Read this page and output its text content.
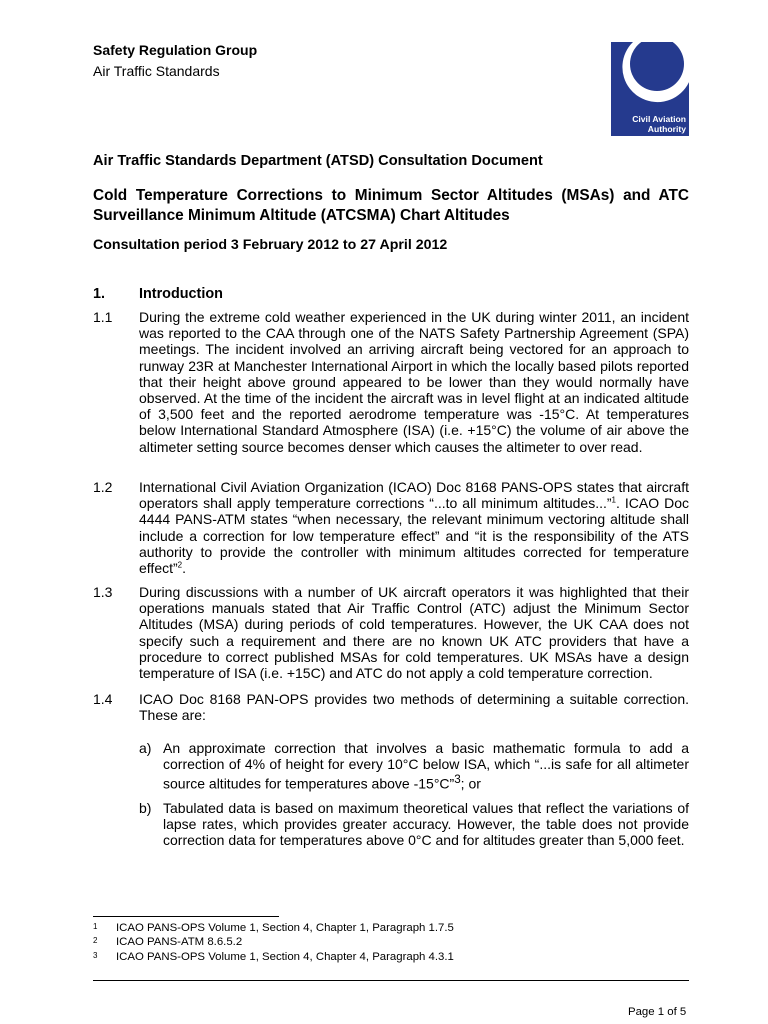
Safety Regulation Group
Air Traffic Standards
Civil Aviation
Authority
Air Traffic Standards Department (ATSD) Consultation Document
Cold Temperature Corrections to Minimum Sector Altitudes (MSAs) and ATC Surveillance Minimum Altitude (ATCSMA) Chart Altitudes
Consultation period 3 February 2012 to 27 April 2012
1. Introduction
1.1 During the extreme cold weather experienced in the UK during winter 2011, an incident was reported to the CAA through one of the NATS Safety Partnership Agreement (SPA) meetings. The incident involved an arriving aircraft being vectored for an approach to runway 23R at Manchester International Airport in which the locally based pilots reported that their height above ground appeared to be lower than they would normally have observed. At the time of the incident the aircraft was in level flight at an indicated altitude of 3,500 feet and the reported aerodrome temperature was -15°C. At temperatures below International Standard Atmosphere (ISA) (i.e. +15°C) the volume of air above the altimeter setting source becomes denser which causes the altimeter to over read.
1.2 International Civil Aviation Organization (ICAO) Doc 8168 PANS-OPS states that aircraft operators shall apply temperature corrections “...to all minimum altitudes...”$^1$. ICAO Doc 4444 PANS-ATM states “when necessary, the relevant minimum vectoring altitude shall include a correction for low temperature effect” and “it is the responsibility of the ATS authority to provide the controller with minimum altitudes corrected for temperature effect”$^2$.
1.3 During discussions with a number of UK aircraft operators it was highlighted that their operations manuals stated that Air Traffic Control (ATC) adjust the Minimum Sector Altitudes (MSA) during periods of cold temperatures. However, the UK CAA does not specify such a requirement and there are no known UK ATC providers that have a procedure to correct published MSAs for cold temperatures. UK MSAs have a design temperature of ISA (i.e. +15C) and ATC do not apply a cold temperature correction.
1.4 ICAO Doc 8168 PAN-OPS provides two methods of determining a suitable correction. These are:
a) An approximate correction that involves a basic mathematic formula to add a correction of 4% of height for every 10°C below ISA, which “...is safe for all altimeter source altitudes for temperatures above -15°C”$^3$; or
b) Tabulated data is based on maximum theoretical values that reflect the variations of lapse rates, which provides greater accuracy. However, the table does not provide correction data for temperatures above 0°C and for altitudes greater than 5,000 feet.
1 ICAO PANS-OPS Volume 1, Section 4, Chapter 1, Paragraph 1.7.5
2 ICAO PANS-ATM 8.6.5.2
3 ICAO PANS-OPS Volume 1, Section 4, Chapter 4, Paragraph 4.3.1
Page 1 of 5
